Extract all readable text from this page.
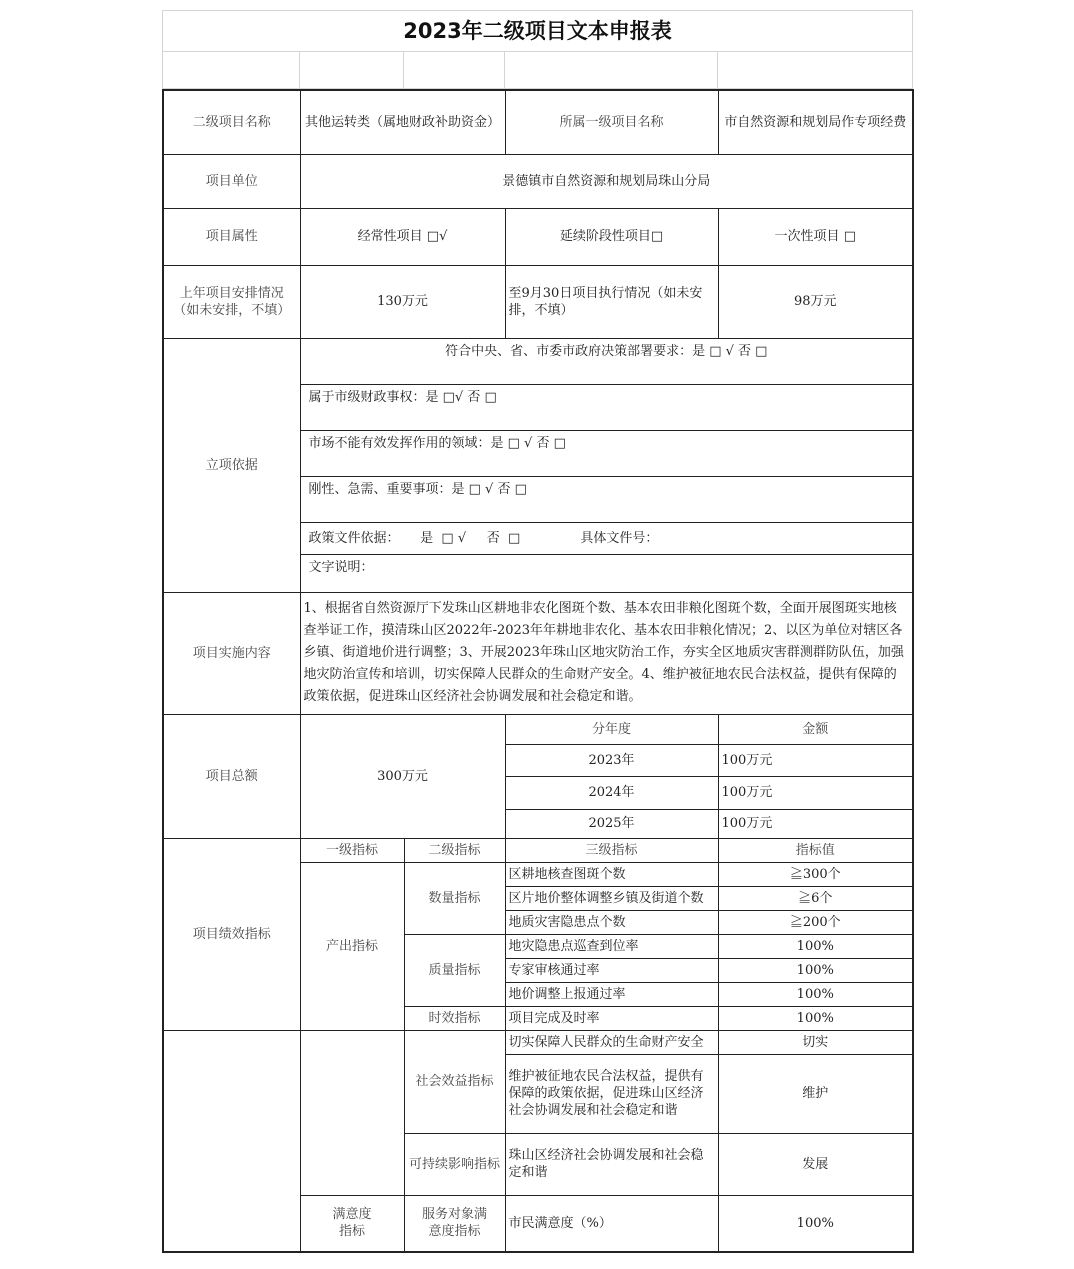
2023年二级项目文本申报表

二级项目名称	其他运转类（属地财政补助资金）		所属一级项目名称	市自然资源和规划局作专项经费
项目单位	景德镇市自然资源和规划局珠山分局			
项目属性	经常性项目 □√		延续阶段性项目□	一次性项目 □
上年项目安排情况（如未安排，不填）	130万元		至9月30日项目执行情况（如未安排，不填）	98万元
立项依据	符合中央、省、市委市政府决策部署要求：是 □ √ 否 □			
	属于市级财政事权：是 □√ 否 □			
	市场不能有效发挥作用的领域：是 □ √ 否 □			
	刚性、急需、重要事项：是 □ √ 否 □			
	政策文件依据：     是  □ √     否  □ 具体文件号：			
	文字说明：			
项目实施内容	1、根据省自然资源厅下发珠山区耕地非农化图斑个数、基本农田非粮化图斑个数，全面开展图斑实地核查举证工作，摸清珠山区2022年-2023年年耕地非农化、基本农田非粮化情况；2、以区为单位对辖区各乡镇、街道地价进行调整；3、开展2023年珠山区地灾防治工作，夯实全区地质灾害群测群防队伍，加强地灾防治宣传和培训，切实保障人民群众的生命财产安全。4、维护被征地农民合法权益，提供有保障的政策依据，促进珠山区经济社会协调发展和社会稳定和谐。			
项目总额	300万元		分年度	金额
			2023年	100万元
			2024年	100万元
			2025年	100万元
项目绩效指标	一级指标	二级指标	三级指标	指标值
	产出指标	数量指标	区耕地核查图斑个数	≧300个
			区片地价整体调整乡镇及街道个数	≧6个
			地质灾害隐患点个数	≧200个
		质量指标	地灾隐患点巡查到位率	100%
			专家审核通过率	100%
			地价调整上报通过率	100%
		时效指标	项目完成及时率	100%
		社会效益指标	切实保障人民群众的生命财产安全	切实
			维护被征地农民合法权益，提供有保障的政策依据，促进珠山区经济社会协调发展和社会稳定和谐	维护
		可持续影响指标	珠山区经济社会协调发展和社会稳定和谐	发展

	满意度指标	服务对象满意度指标	市民满意度（%）	100%
